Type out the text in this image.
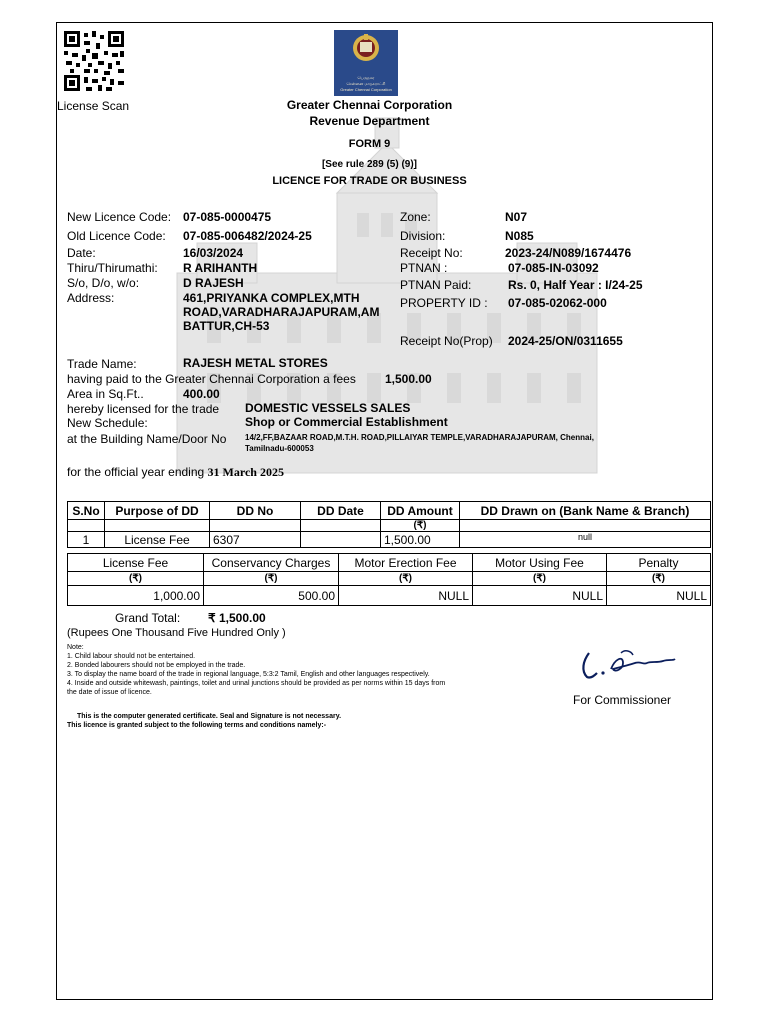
License Scan
பெருநகர
சென்னை மாநகராட்சி
Greater Chennai Corporation
Greater Chennai Corporation
Revenue Department
FORM 9
[See rule 289 (5) (9)]
LICENCE FOR TRADE OR BUSINESS
New Licence Code: 07-085-0000475
Old Licence Code: 07-085-006482/2024-25
Date:	16/03/2024
Thiru/Thirumathi: R ARIHANTH
S/o, D/o, w/o:	D RAJESH
Address:	461,PRIYANKA COMPLEX,MTH
ROAD,VARADHARAJAPURAM,AM
BATTUR,CH-53
Zone:	N07
Division:	N085
Receipt No:	2023-24/N089/1674476
PTNAN :	07-085-IN-03092
PTNAN Paid:	Rs. 0, Half Year : I/24-25
PROPERTY ID : 07-085-02062-000
Receipt No(Prop) 2024-25/ON/0311655
Trade Name:	RAJESH METAL STORES
having paid to the Greater Chennai Corporation a fees 1,500.00
Area in Sq.Ft..	400.00
hereby licensed for the trade DOMESTIC VESSELS SALES
New Schedule:	Shop or Commercial Establishment
at the Building Name/Door No 14/2,FF,BAZAAR ROAD,M.T.H. ROAD,PILLAIYAR TEMPLE,VARADHARAJAPURAM, Chennai,
Tamilnadu-600053
for the official year ending 31 March 2025
S.No	Purpose of DD	DD No	DD Date	DD Amount	DD Drawn on (Bank Name & Branch)
				(₹)	
1	License Fee	6307		1,500.00	null
License Fee	Conservancy Charges	Motor Erection Fee	Motor Using Fee	Penalty
(₹)	(₹)	(₹)	(₹)	(₹)
1,000.00	500.00	NULL	NULL	NULL
Grand Total: ₹ 1,500.00
(Rupees One Thousand Five Hundred Only )
Note:
1. Child labour should not be entertained.
2. Bonded labourers should not be employed in the trade.
3. To display the name board of the trade in regional language, 5:3:2 Tamil, English and other languages respectively.
4. Inside and outside whitewash, paintings, toilet and urinal junctions should be provided as per norms within 15 days from
the date of issue of licence.
For Commissioner
This is the computer generated certificate. Seal and Signature is not necessary.
This licence is granted subject to the following terms and conditions namely:-
